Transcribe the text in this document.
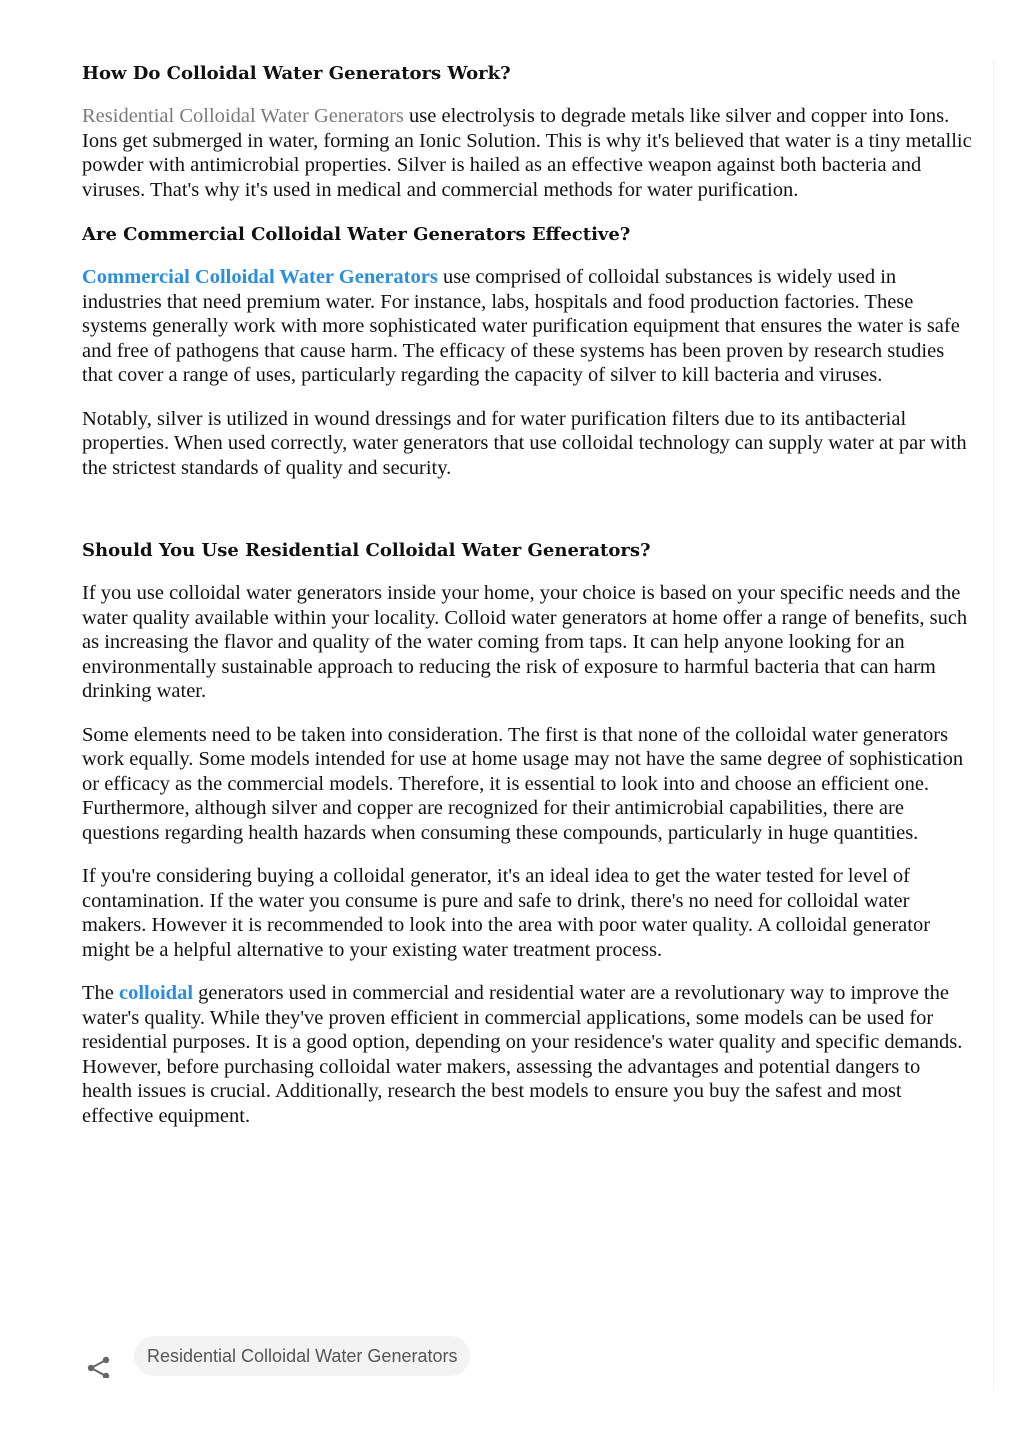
How Do Colloidal Water Generators Work?

Residential Colloidal Water Generators use electrolysis to degrade metals like silver and copper into Ions. Ions get submerged in water, forming an Ionic Solution. This is why it's believed that water is a tiny metallic powder with antimicrobial properties. Silver is hailed as an effective weapon against both bacteria and viruses. That's why it's used in medical and commercial methods for water purification.

Are Commercial Colloidal Water Generators Effective?

Commercial Colloidal Water Generators use comprised of colloidal substances is widely used in industries that need premium water. For instance, labs, hospitals and food production factories. These systems generally work with more sophisticated water purification equipment that ensures the water is safe and free of pathogens that cause harm. The efficacy of these systems has been proven by research studies that cover a range of uses, particularly regarding the capacity of silver to kill bacteria and viruses.

Notably, silver is utilized in wound dressings and for water purification filters due to its antibacterial properties. When used correctly, water generators that use colloidal technology can supply water at par with the strictest standards of quality and security.

Should You Use Residential Colloidal Water Generators?

If you use colloidal water generators inside your home, your choice is based on your specific needs and the water quality available within your locality. Colloid water generators at home offer a range of benefits, such as increasing the flavor and quality of the water coming from taps. It can help anyone looking for an environmentally sustainable approach to reducing the risk of exposure to harmful bacteria that can harm drinking water.

Some elements need to be taken into consideration. The first is that none of the colloidal water generators work equally. Some models intended for use at home usage may not have the same degree of sophistication or efficacy as the commercial models. Therefore, it is essential to look into and choose an efficient one. Furthermore, although silver and copper are recognized for their antimicrobial capabilities, there are questions regarding health hazards when consuming these compounds, particularly in huge quantities.

If you're considering buying a colloidal generator, it's an ideal idea to get the water tested for level of contamination. If the water you consume is pure and safe to drink, there's no need for colloidal water makers. However it is recommended to look into the area with poor water quality. A colloidal generator might be a helpful alternative to your existing water treatment process.

The colloidal generators used in commercial and residential water are a revolutionary way to improve the water's quality. While they've proven efficient in commercial applications, some models can be used for residential purposes. It is a good option, depending on your residence's water quality and specific demands. However, before purchasing colloidal water makers, assessing the advantages and potential dangers to health issues is crucial. Additionally, research the best models to ensure you buy the safest and most effective equipment.

Residential Colloidal Water Generators
